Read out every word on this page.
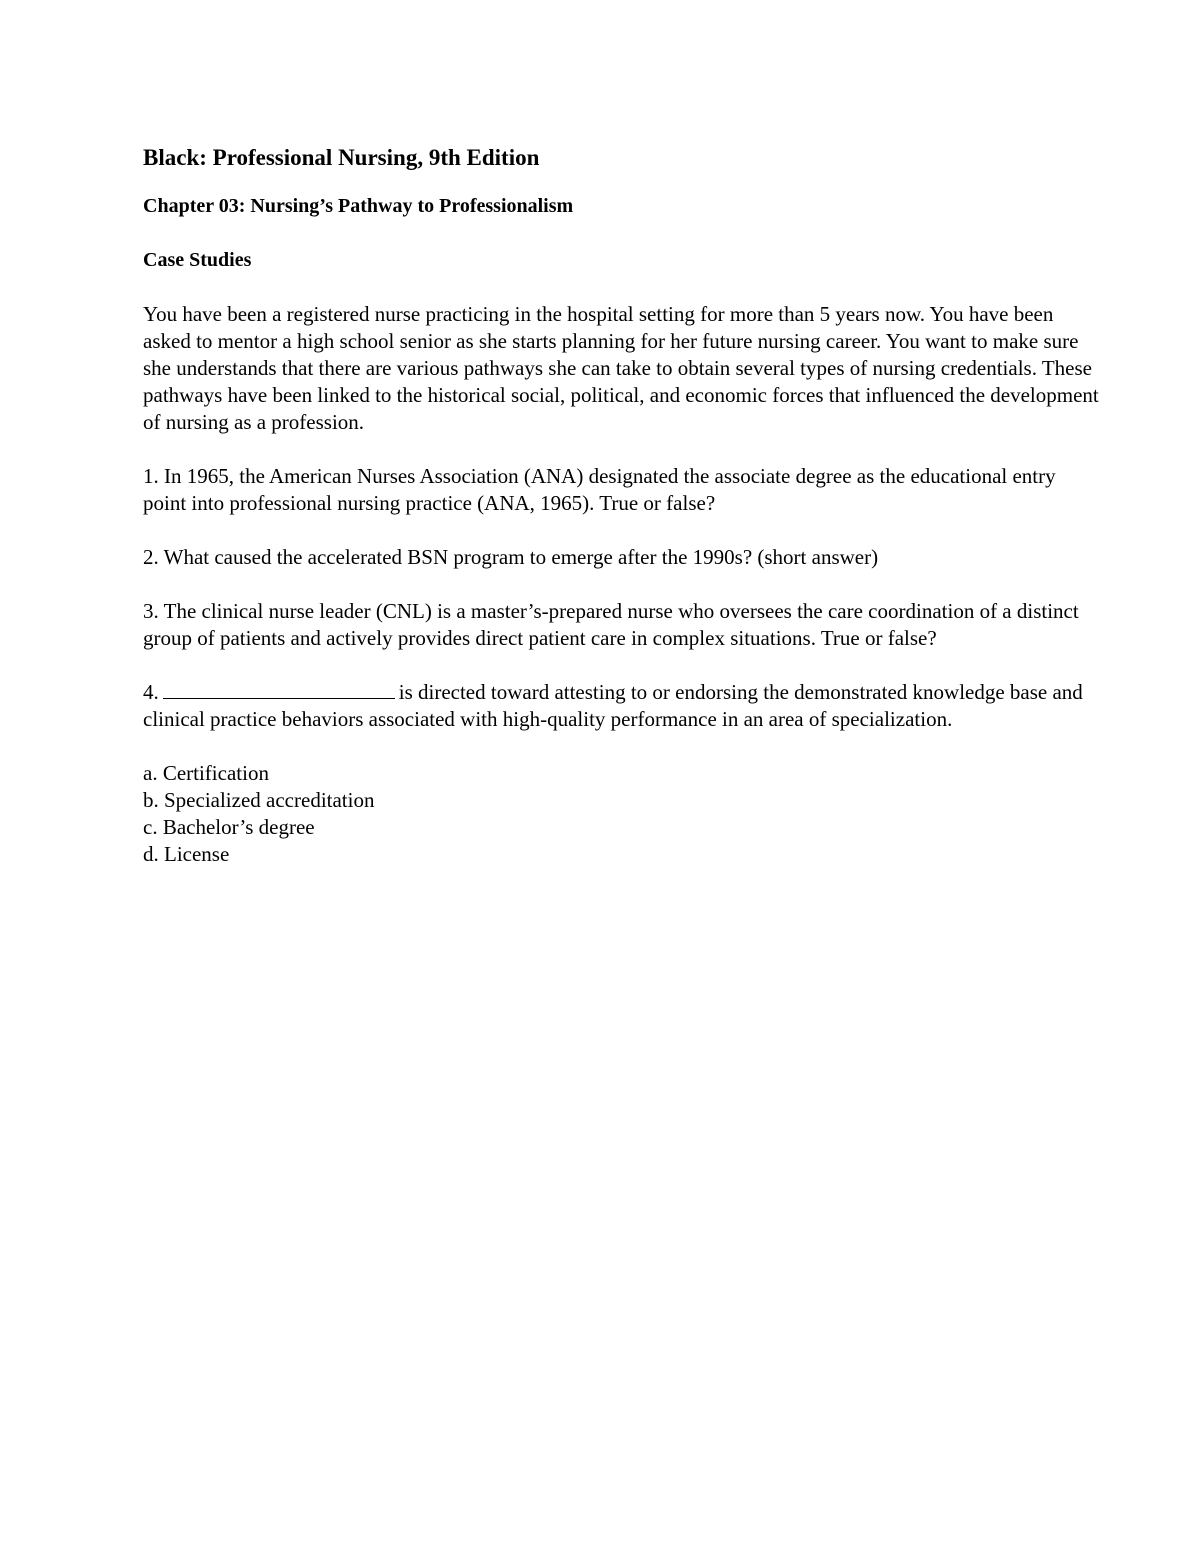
Black: Professional Nursing, 9th Edition
Chapter 03: Nursing’s Pathway to Professionalism
Case Studies

You have been a registered nurse practicing in the hospital setting for more than 5 years now. You have been asked to mentor a high school senior as she starts planning for her future nursing career. You want to make sure she understands that there are various pathways she can take to obtain several types of nursing credentials. These pathways have been linked to the historical social, political, and economic forces that influenced the development of nursing as a profession.

1. In 1965, the American Nurses Association (ANA) designated the associate degree as the educational entry point into professional nursing practice (ANA, 1965). True or false?

2. What caused the accelerated BSN program to emerge after the 1990s? (short answer)

3. The clinical nurse leader (CNL) is a master’s-prepared nurse who oversees the care coordination of a distinct group of patients and actively provides direct patient care in complex situations. True or false?

4.	is directed toward attesting to or endorsing the demonstrated knowledge base and clinical practice behaviors associated with high-quality performance in an area of specialization.

a. Certification
b. Specialized accreditation
c. Bachelor’s degree
d. License
